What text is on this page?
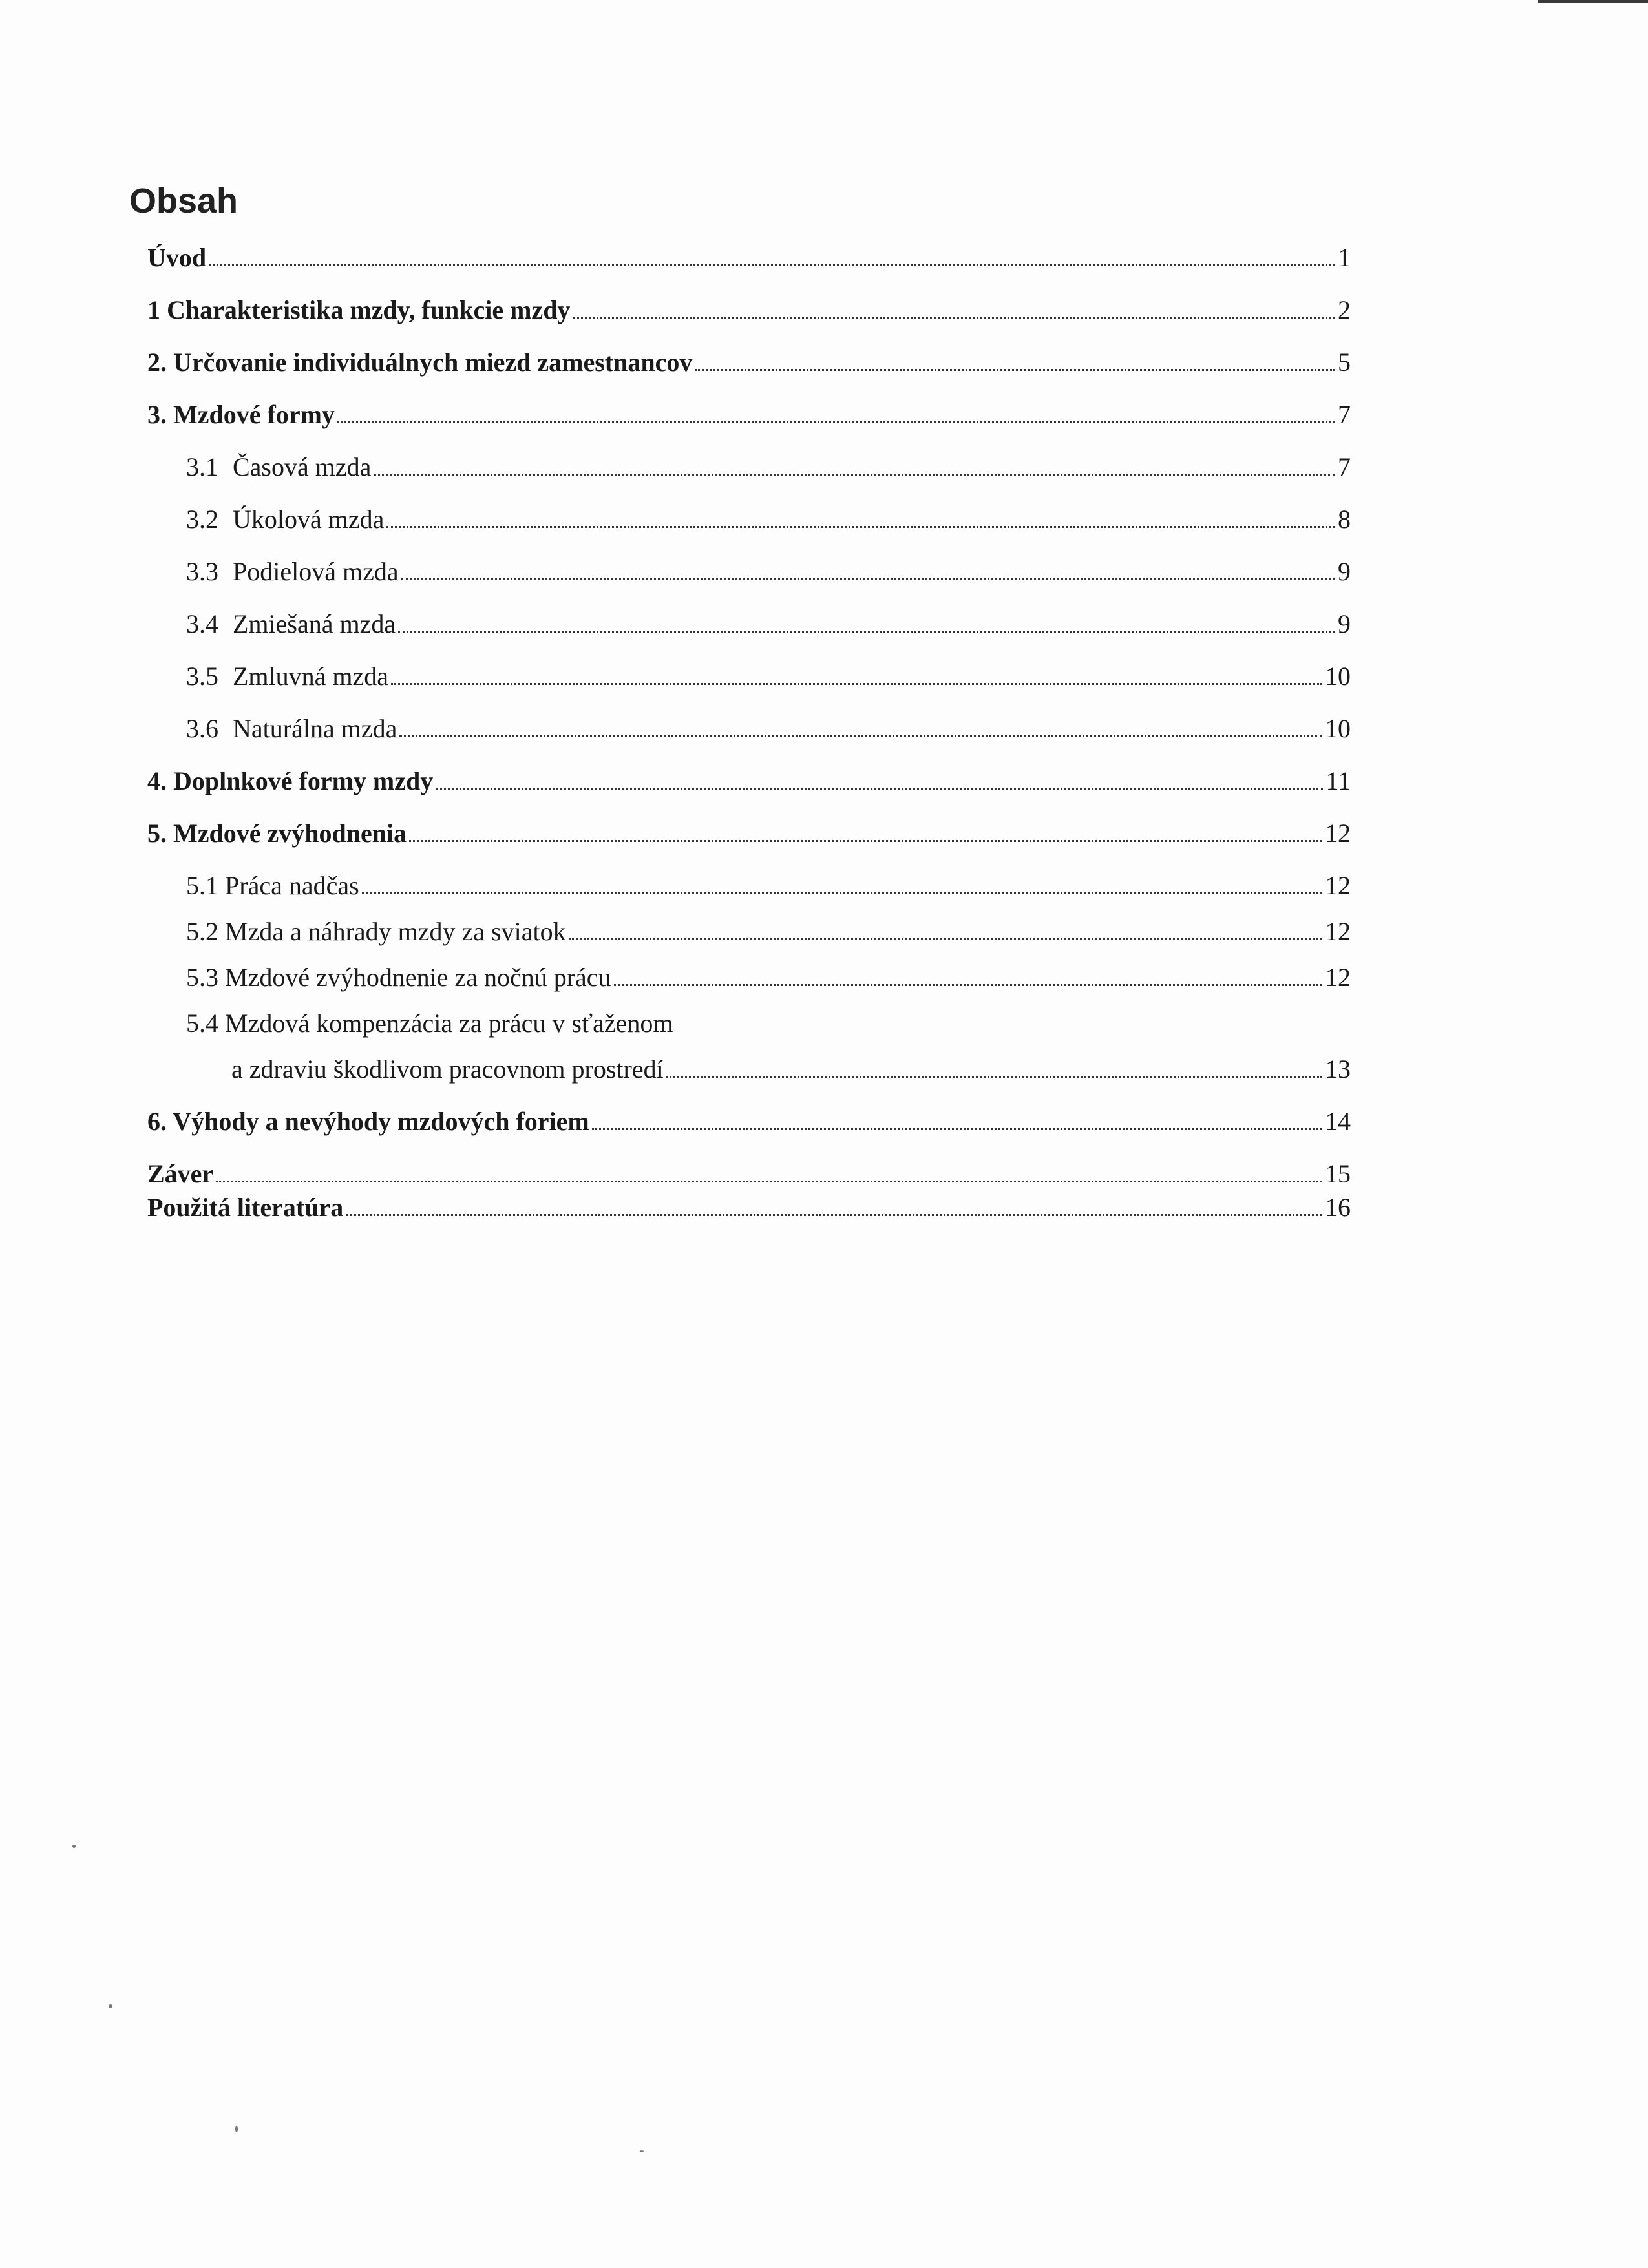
Obsah
Úvod	1
1 Charakteristika mzdy, funkcie mzdy	2
2. Určovanie individuálnych miezd zamestnancov	5
3. Mzdové formy	7
3.1 Časová mzda	7
3.2 Úkolová mzda	8
3.3 Podielová mzda	9
3.4 Zmiešaná mzda	9
3.5 Zmluvná mzda	10
3.6 Naturálna mzda	10
4. Doplnkové formy mzdy	11
5. Mzdové zvýhodnenia	12
5.1 Práca nadčas	12
5.2 Mzda a náhrady mzdy za sviatok	12
5.3 Mzdové zvýhodnenie za nočnú prácu	12
5.4 Mzdová kompenzácia za prácu v sťaženom
a zdraviu škodlivom pracovnom prostredí	13
6. Výhody a nevýhody mzdových foriem	14
Záver	15
Použitá literatúra	16
